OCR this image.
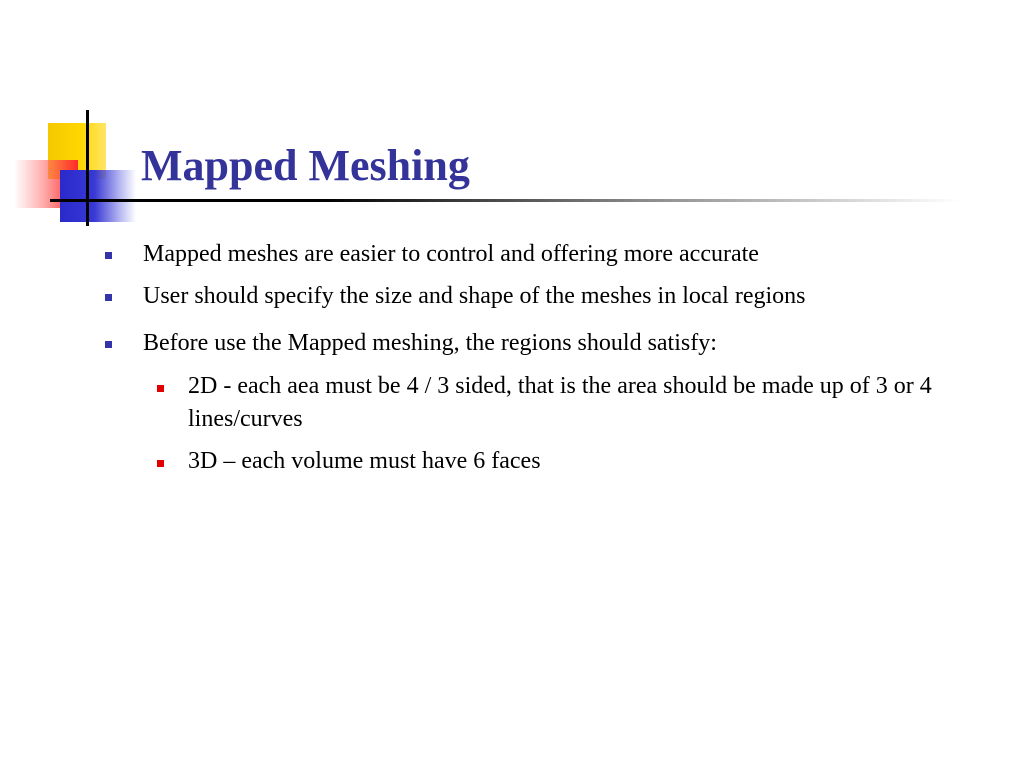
Mapped Meshing
Mapped meshes are easier to control and offering more accurate
User should specify the size and shape of the meshes in local regions
Before use the Mapped meshing, the regions should satisfy:
2D - each aea must be 4 / 3 sided, that is the area should be made up of 3 or 4 lines/curves
3D – each volume must have 6 faces
